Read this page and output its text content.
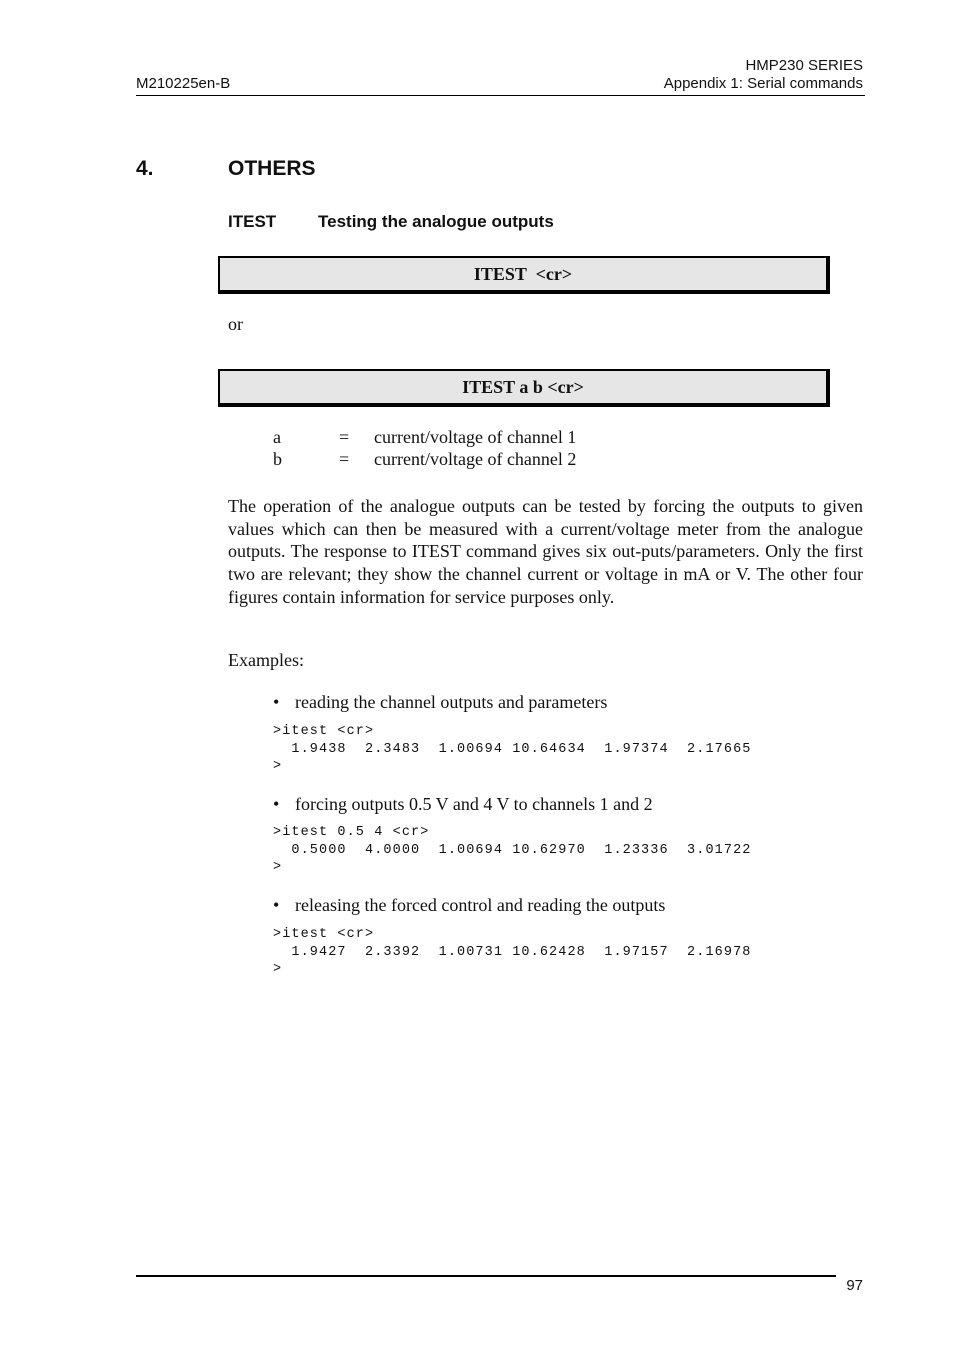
M210225en-B
HMP230 SERIES
Appendix 1: Serial commands
4.	OTHERS
ITEST Testing the analogue outputs
ITEST  <cr>
or
ITEST a b <cr>
a	=	current/voltage of channel 1
b	=	current/voltage of channel 2

The operation of the analogue outputs can be tested by forcing the outputs to given values which can then be measured with a current/voltage meter from the analogue outputs. The response to ITEST command gives six out-puts/parameters. Only the first two are relevant; they show the channel current or voltage in mA or V. The other four figures contain information for service purposes only.

Examples:
• reading the channel outputs and parameters
>itest <cr>
1.9438  2.3483  1.00694 10.64634  1.97374  2.17665
>
• forcing outputs 0.5 V and 4 V to channels 1 and 2
>itest 0.5 4 <cr>
0.5000  4.0000  1.00694 10.62970  1.23336  3.01722
>
• releasing the forced control and reading the outputs
>itest <cr>
1.9427  2.3392  1.00731 10.62428  1.97157  2.16978
>
97
